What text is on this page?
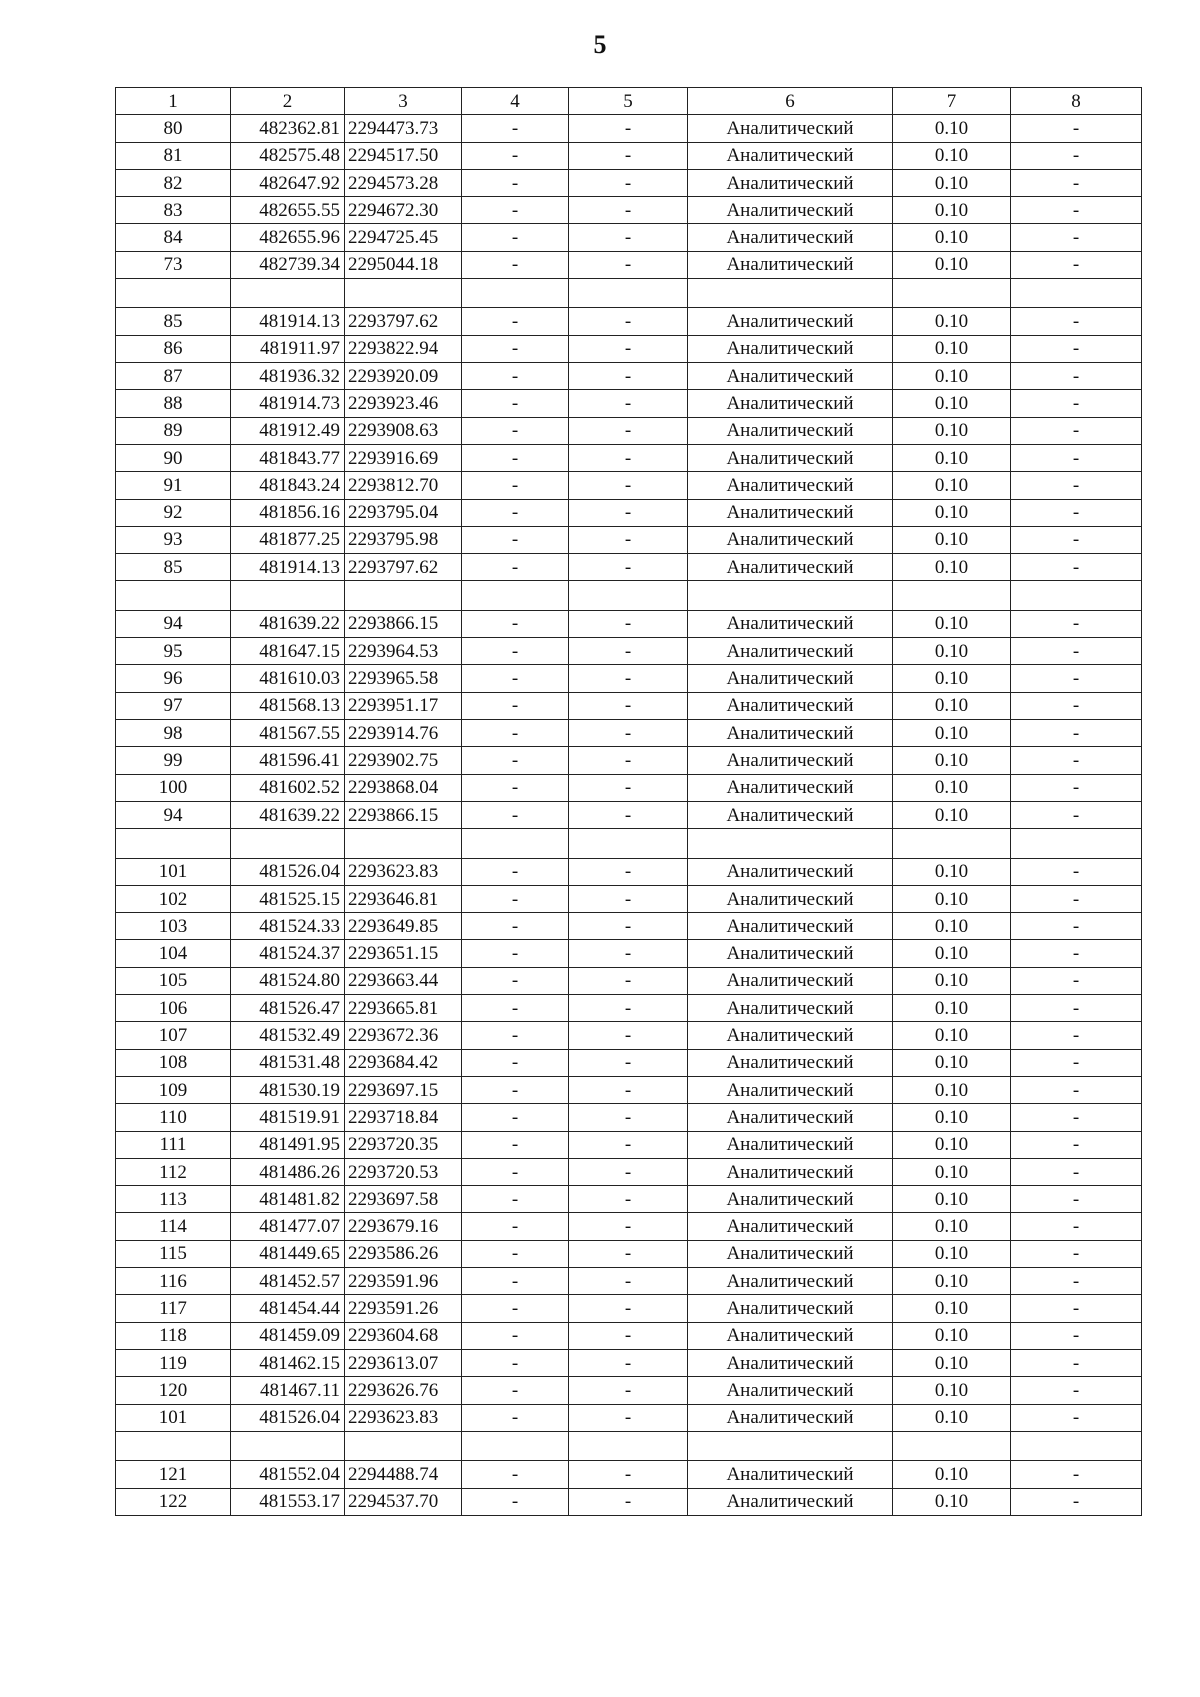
5
1	2	3	4	5	6	7	8
80	482362.81	2294473.73	-	-	Аналитический	0.10	-
81	482575.48	2294517.50	-	-	Аналитический	0.10	-
82	482647.92	2294573.28	-	-	Аналитический	0.10	-
83	482655.55	2294672.30	-	-	Аналитический	0.10	-
84	482655.96	2294725.45	-	-	Аналитический	0.10	-
73	482739.34	2295044.18	-	-	Аналитический	0.10	-

85	481914.13	2293797.62	-	-	Аналитический	0.10	-
86	481911.97	2293822.94	-	-	Аналитический	0.10	-
87	481936.32	2293920.09	-	-	Аналитический	0.10	-
88	481914.73	2293923.46	-	-	Аналитический	0.10	-
89	481912.49	2293908.63	-	-	Аналитический	0.10	-
90	481843.77	2293916.69	-	-	Аналитический	0.10	-
91	481843.24	2293812.70	-	-	Аналитический	0.10	-
92	481856.16	2293795.04	-	-	Аналитический	0.10	-
93	481877.25	2293795.98	-	-	Аналитический	0.10	-
85	481914.13	2293797.62	-	-	Аналитический	0.10	-

94	481639.22	2293866.15	-	-	Аналитический	0.10	-
95	481647.15	2293964.53	-	-	Аналитический	0.10	-
96	481610.03	2293965.58	-	-	Аналитический	0.10	-
97	481568.13	2293951.17	-	-	Аналитический	0.10	-
98	481567.55	2293914.76	-	-	Аналитический	0.10	-
99	481596.41	2293902.75	-	-	Аналитический	0.10	-
100	481602.52	2293868.04	-	-	Аналитический	0.10	-
94	481639.22	2293866.15	-	-	Аналитический	0.10	-

101	481526.04	2293623.83	-	-	Аналитический	0.10	-
102	481525.15	2293646.81	-	-	Аналитический	0.10	-
103	481524.33	2293649.85	-	-	Аналитический	0.10	-
104	481524.37	2293651.15	-	-	Аналитический	0.10	-
105	481524.80	2293663.44	-	-	Аналитический	0.10	-
106	481526.47	2293665.81	-	-	Аналитический	0.10	-
107	481532.49	2293672.36	-	-	Аналитический	0.10	-
108	481531.48	2293684.42	-	-	Аналитический	0.10	-
109	481530.19	2293697.15	-	-	Аналитический	0.10	-
110	481519.91	2293718.84	-	-	Аналитический	0.10	-
111	481491.95	2293720.35	-	-	Аналитический	0.10	-
112	481486.26	2293720.53	-	-	Аналитический	0.10	-
113	481481.82	2293697.58	-	-	Аналитический	0.10	-
114	481477.07	2293679.16	-	-	Аналитический	0.10	-
115	481449.65	2293586.26	-	-	Аналитический	0.10	-
116	481452.57	2293591.96	-	-	Аналитический	0.10	-
117	481454.44	2293591.26	-	-	Аналитический	0.10	-
118	481459.09	2293604.68	-	-	Аналитический	0.10	-
119	481462.15	2293613.07	-	-	Аналитический	0.10	-
120	481467.11	2293626.76	-	-	Аналитический	0.10	-
101	481526.04	2293623.83	-	-	Аналитический	0.10	-

121	481552.04	2294488.74	-	-	Аналитический	0.10	-
122	481553.17	2294537.70	-	-	Аналитический	0.10	-
